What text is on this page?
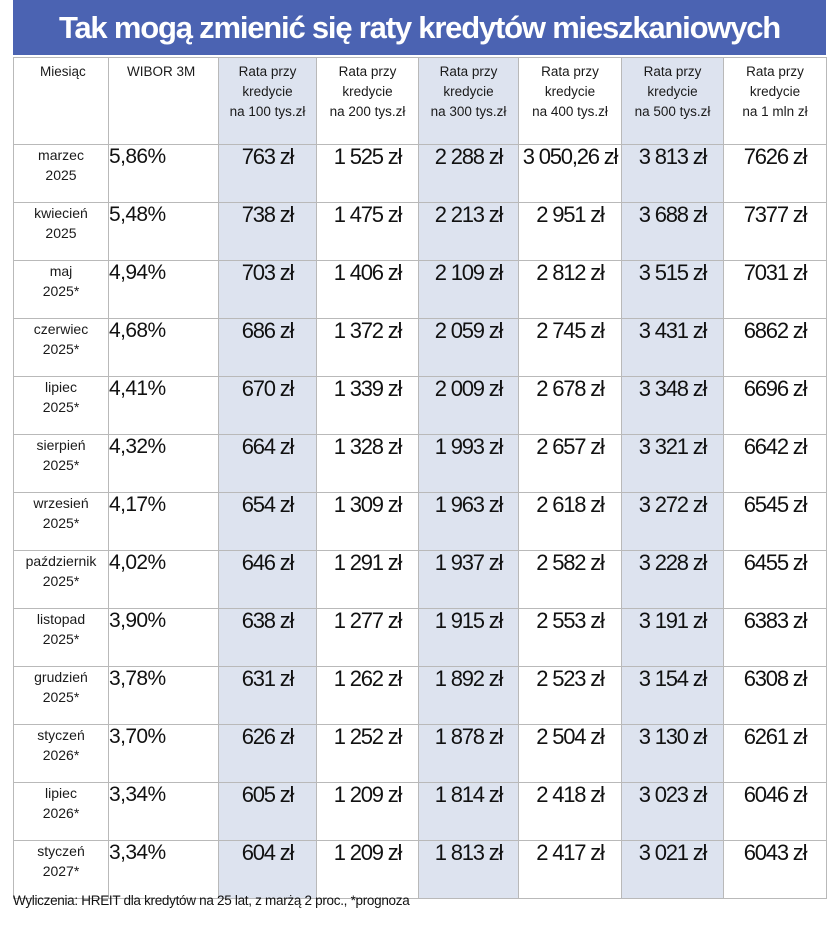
Tak mogą zmienić się raty kredytów mieszkaniowych
Miesiąc	WIBOR 3M	Rata przy
kredycie
na 100 tys.zł	Rata przy
kredycie
na 200 tys.zł	Rata przy
kredycie
na 300 tys.zł	Rata przy
kredycie
na 400 tys.zł	Rata przy
kredycie
na 500 tys.zł	Rata przy
kredycie
na 1 mln zł
marzec
2025	5,86%	763 zł	1 525 zł	2 288 zł	3 050,26 zł	3 813 zł	7626 zł
kwiecień
2025	5,48%	738 zł	1 475 zł	2 213 zł	2 951 zł	3 688 zł	7377 zł
maj
2025*	4,94%	703 zł	1 406 zł	2 109 zł	2 812 zł	3 515 zł	7031 zł
czerwiec
2025*	4,68%	686 zł	1 372 zł	2 059 zł	2 745 zł	3 431 zł	6862 zł
lipiec
2025*	4,41%	670 zł	1 339 zł	2 009 zł	2 678 zł	3 348 zł	6696 zł
sierpień
2025*	4,32%	664 zł	1 328 zł	1 993 zł	2 657 zł	3 321 zł	6642 zł
wrzesień
2025*	4,17%	654 zł	1 309 zł	1 963 zł	2 618 zł	3 272 zł	6545 zł
październik
2025*	4,02%	646 zł	1 291 zł	1 937 zł	2 582 zł	3 228 zł	6455 zł
listopad
2025*	3,90%	638 zł	1 277 zł	1 915 zł	2 553 zł	3 191 zł	6383 zł
grudzień
2025*	3,78%	631 zł	1 262 zł	1 892 zł	2 523 zł	3 154 zł	6308 zł
styczeń
2026*	3,70%	626 zł	1 252 zł	1 878 zł	2 504 zł	3 130 zł	6261 zł
lipiec
2026*	3,34%	605 zł	1 209 zł	1 814 zł	2 418 zł	3 023 zł	6046 zł
styczeń
2027*	3,34%	604 zł	1 209 zł	1 813 zł	2 417 zł	3 021 zł	6043 zł
Wyliczenia: HREIT dla kredytów na 25 lat, z marżą 2 proc., *prognoza
